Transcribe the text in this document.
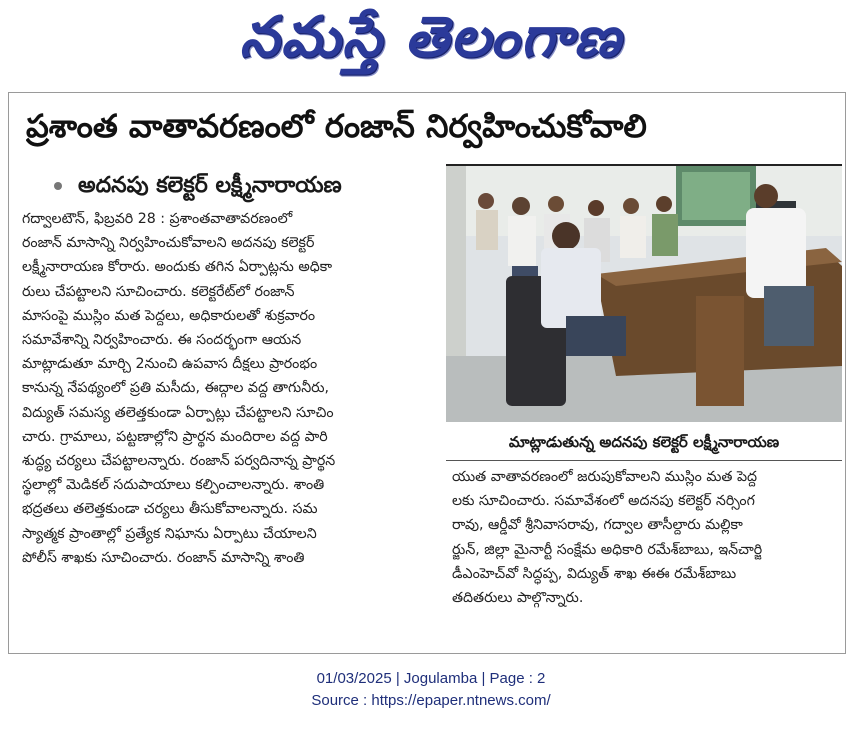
నమస్తే తెలంగాణ
ప్రశాంత వాతావరణంలో రంజాన్ నిర్వహించుకోవాలి
అదనపు కలెక్టర్ లక్ష్మీనారాయణ

గద్వాలటౌన్, ఫిబ్రవరి 28 : ప్రశాంతవాతావరణంలో

రంజాన్ మాసాన్ని నిర్వహించుకోవాలని అదనపు కలెక్టర్

లక్ష్మీనారాయణ కోరారు. అందుకు తగిన ఏర్పాట్లను అధికా

రులు చేపట్టాలని సూచించారు. కలెక్టరేట్‌లో రంజాన్

మాసంపై ముస్లిం మత పెద్దలు, అధికారులతో శుక్రవారం

సమావేశాన్ని నిర్వహించారు. ఈ సందర్భంగా ఆయన

మాట్లాడుతూ మార్చి 2నుంచి ఉపవాస దీక్షలు ప్రారంభం

కానున్న నేపథ్యంలో ప్రతి మసీదు, ఈద్గాల వద్ద తాగునీరు,

విద్యుత్ సమస్య తలెత్తకుండా ఏర్పాట్లు చేపట్టాలని సూచిం

చారు. గ్రామాలు, పట్టణాల్లోని ప్రార్థన మందిరాల వద్ద పారి

శుద్ధ్య చర్యలు చేపట్టాలన్నారు. రంజాన్ పర్వదినాన్న ప్రార్థన

స్థలాల్లో మెడికల్ సదుపాయాలు కల్పించాలన్నారు. శాంతి

భద్రతలు తలెత్తకుండా చర్యలు తీసుకోవాలన్నారు. సమ

స్యాత్మక ప్రాంతాల్లో ప్రత్యేక నిఘాను ఏర్పాటు చేయాలని

పోలీస్ శాఖకు సూచించారు. రంజాన్ మాసాన్ని శాంతి

మాట్లాడుతున్న అదనపు కలెక్టర్ లక్ష్మీనారాయణ

యుత వాతావరణంలో జరుపుకోవాలని ముస్లిం మత పెద్ద

లకు సూచించారు. సమావేశంలో అదనపు కలెక్టర్ నర్సింగ

రావు, ఆర్డీవో శ్రీనివాసరావు, గద్వాల తాసీల్దారు మల్లికా

ర్జున్, జిల్లా మైనార్టీ సంక్షేమ అధికారి రమేశ్‌బాబు, ఇన్‌చార్జి

డీఎంహెచ్‌వో సిద్ధప్ప, విద్యుత్ శాఖ ఈఈ రమేశ్‌బాబు

తదితరులు పాల్గొన్నారు.

01/03/2025 | Jogulamba | Page : 2
Source : https://epaper.ntnews.com/
